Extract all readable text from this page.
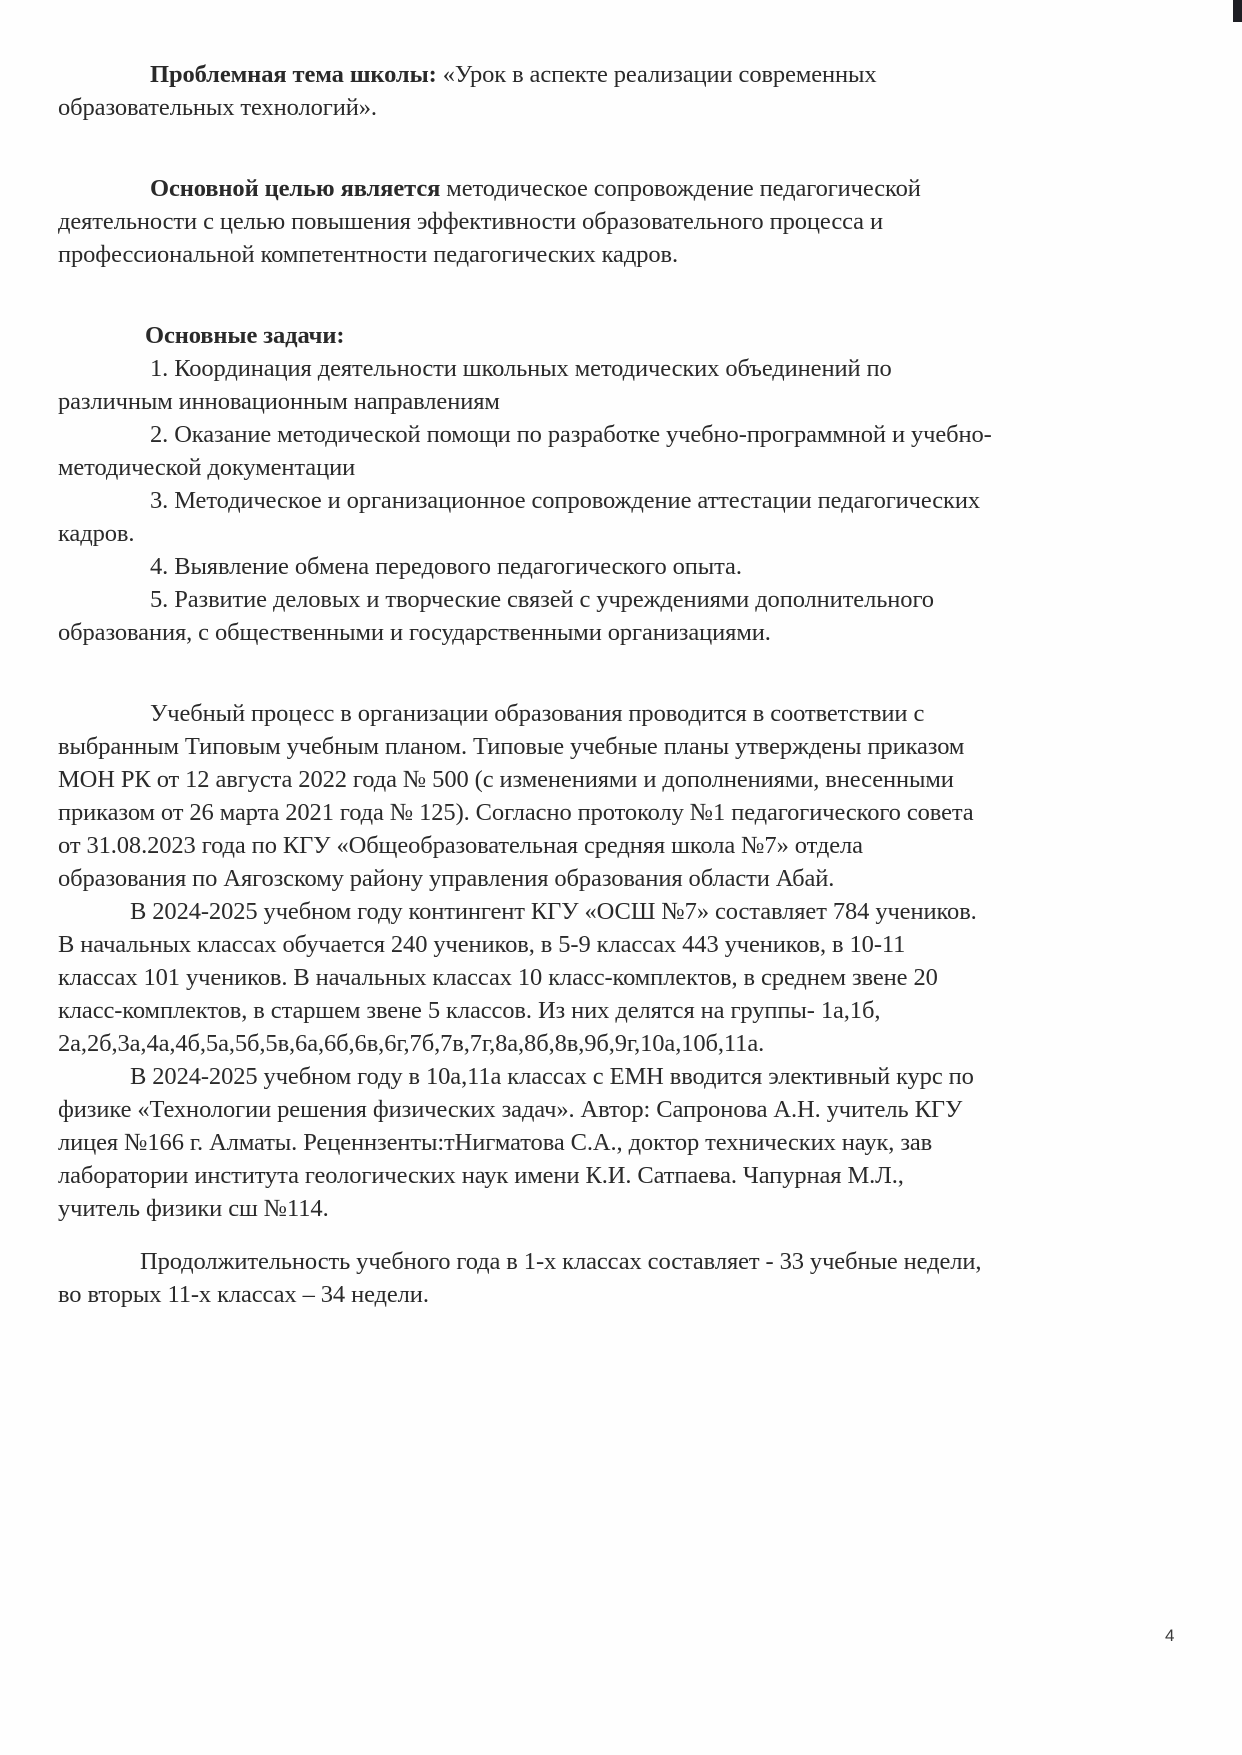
Проблемная тема школы: «Урок в аспекте реализации современных
образовательных технологий».
Основной целью является методическое сопровождение педагогической
деятельности с целью повышения эффективности образовательного процесса и
профессиональной компетентности педагогических кадров.
Основные задачи:
1. Координация деятельности школьных методических объединений по
различным инновационным направлениям
2. Оказание методической помощи по разработке учебно-программной и учебно-
методической документации
3. Методическое и организационное сопровождение аттестации педагогических
кадров.
4. Выявление обмена передового педагогического опыта.
5. Развитие деловых и творческие связей с учреждениями дополнительного
образования, с общественными и государственными организациями.
Учебный процесс в организации образования проводится в соответствии с
выбранным Типовым учебным планом. Типовые учебные планы утверждены приказом
МОН РК от 12 августа 2022 года № 500 (с изменениями и дополнениями, внесенными
приказом от 26 марта 2021 года № 125). Согласно протоколу №1 педагогического совета
от 31.08.2023 года по КГУ «Общеобразовательная средняя школа №7» отдела
образования по Аягозскому району управления образования области Абай.
В 2024-2025 учебном году контингент КГУ «ОСШ №7» составляет 784 учеников.
В начальных классах обучается 240 учеников, в 5-9 классах 443 учеников, в 10-11
классах 101 учеников. В начальных классах 10 класс-комплектов, в среднем звене 20
класс-комплектов, в старшем звене 5 классов. Из них делятся на группы- 1а,1б,
2а,2б,3а,4а,4б,5а,5б,5в,6а,6б,6в,6г,7б,7в,7г,8а,8б,8в,9б,9г,10а,10б,11а.
В 2024-2025 учебном году в 10а,11а классах с ЕМН вводится элективный курс по
физике «Технологии решения физических задач». Автор: Сапронова А.Н. учитель КГУ
лицея №166 г. Алматы. Реценнзенты:тНигматова С.А., доктор технических наук, зав
лаборатории института геологических наук имени К.И. Сатпаева. Чапурная М.Л.,
учитель физики сш №114.
Продолжительность учебного года в 1-х классах составляет - 33 учебные недели,
во вторых 11-х классах – 34 недели.
4
